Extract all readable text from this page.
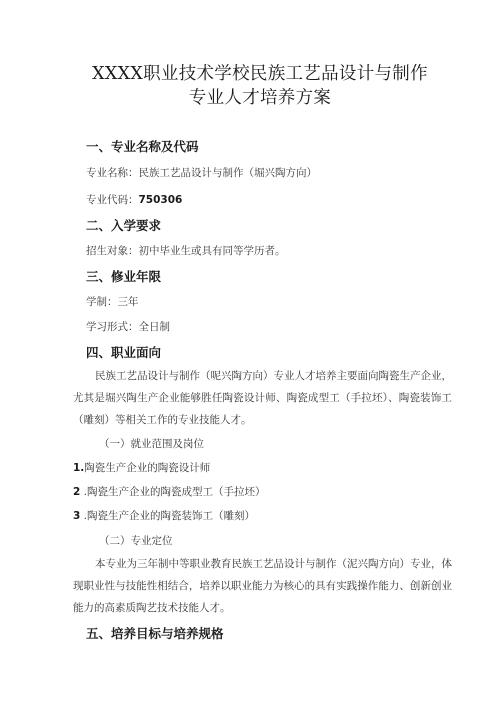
XXXX职业技术学校民族工艺品设计与制作
专业人才培养方案
一、专业名称及代码

专业名称：民族工艺品设计与制作（堀兴陶方向）

专业代码：750306

二、入学要求

招生对象：初中毕业生或具有同等学历者。

三、修业年限

学制：三年

学习形式：全日制

四、职业面向

民族工艺品设计与制作（呢兴陶方向）专业人才培养主要面向陶瓷生产企业，尤其是堀兴陶生产企业能够胜任陶瓷设计师、陶瓷成型工（手拉坯）、陶瓷装饰工（雕刻）等相关工作的专业技能人才。

（一）就业范围及岗位

1.陶瓷生产企业的陶瓷设计师

2 .陶瓷生产企业的陶瓷成型工（手拉坯）

3 .陶瓷生产企业的陶瓷装饰工（雕刻）

（二）专业定位

本专业为三年制中等职业教育民族工艺品设计与制作（泥兴陶方向）专业，体现职业性与技能性相结合，培养以职业能力为核心的具有实践操作能力、创新创业能力的高素质陶艺技术技能人才。

五、培养目标与培养规格
